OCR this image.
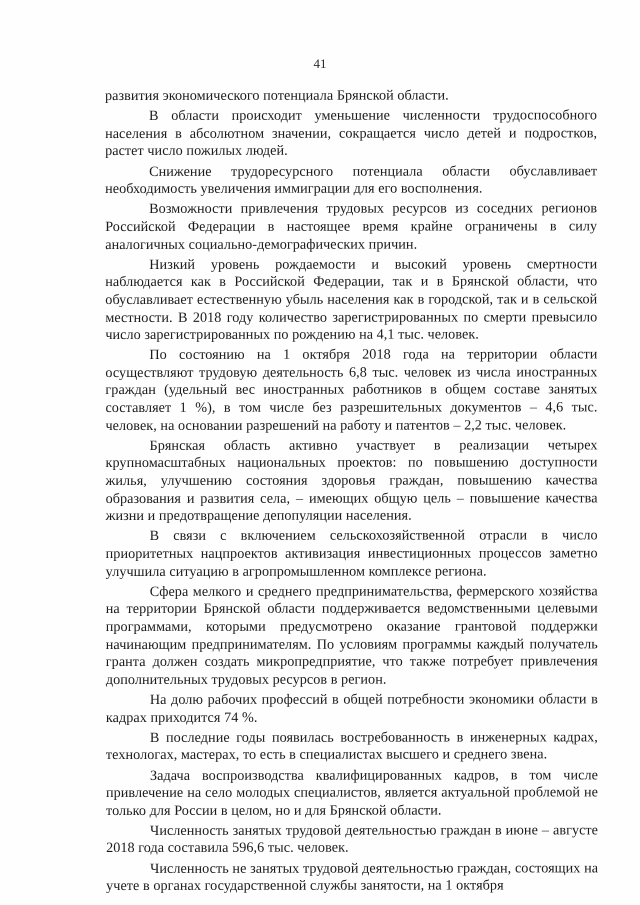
41

развития экономического потенциала Брянской области.

В области происходит уменьшение численности трудоспособного населения в абсолютном значении, сокращается число детей и подростков, растет число пожилых людей.

Снижение трудоресурсного потенциала области обуславливает необходимость увеличения иммиграции для его восполнения.

Возможности привлечения трудовых ресурсов из соседних регионов Российской Федерации в настоящее время крайне ограничены в силу аналогичных социально-демографических причин.

Низкий уровень рождаемости и высокий уровень смертности наблюдается как в Российской Федерации, так и в Брянской области, что обуславливает естественную убыль населения как в городской, так и в сельской местности. В 2018 году количество зарегистрированных по смерти превысило число зарегистрированных по рождению на 4,1 тыс. человек.

По состоянию на 1 октября 2018 года на территории области осуществляют трудовую деятельность 6,8 тыс. человек из числа иностранных граждан (удельный вес иностранных работников в общем составе занятых составляет 1 %), в том числе без разрешительных документов – 4,6 тыс. человек, на основании разрешений на работу и патентов – 2,2 тыс. человек.

Брянская область активно участвует в реализации четырех крупномасштабных национальных проектов: по повышению доступности жилья, улучшению состояния здоровья граждан, повышению качества образования и развития села, – имеющих общую цель – повышение качества жизни и предотвращение депопуляции населения.

В связи с включением сельскохозяйственной отрасли в число приоритетных нацпроектов активизация инвестиционных процессов заметно улучшила ситуацию в агропромышленном комплексе региона.

Сфера мелкого и среднего предпринимательства, фермерского хозяйства на территории Брянской области поддерживается ведомственными целевыми программами, которыми предусмотрено оказание грантовой поддержки начинающим предпринимателям. По условиям программы каждый получатель гранта должен создать микропредприятие, что также потребует привлечения дополнительных трудовых ресурсов в регион.

На долю рабочих профессий в общей потребности экономики области в кадрах приходится 74 %.

В последние годы появилась востребованность в инженерных кадрах, технологах, мастерах, то есть в специалистах высшего и среднего звена.

Задача воспроизводства квалифицированных кадров, в том числе привлечение на село молодых специалистов, является актуальной проблемой не только для России в целом, но и для Брянской области.

Численность занятых трудовой деятельностью граждан в июне – августе 2018 года составила 596,6 тыс. человек.

Численность не занятых трудовой деятельностью граждан, состоящих на учете в органах государственной службы занятости, на 1 октября
